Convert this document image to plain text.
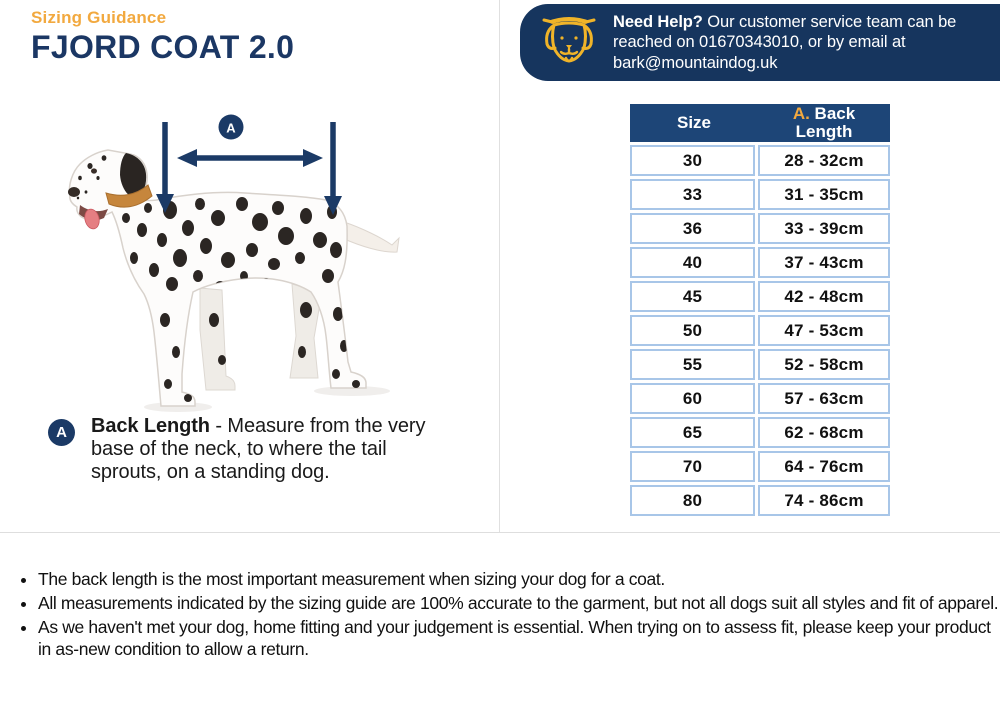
Sizing Guidance
FJORD COAT 2.0
Need Help? Our customer service team can be reached on 01670343010, or by email at bark@mountaindog.uk
A
A	Back Length - Measure from the very base of the neck, to where the tail sprouts, on a standing dog.
Size	A. Back Length
30	28 - 32cm
33	31 - 35cm
36	33 - 39cm
40	37 - 43cm
45	42 - 48cm
50	47 - 53cm
55	52 - 58cm
60	57 - 63cm
65	62 - 68cm
70	64 - 76cm
80	74 - 86cm
• The back length is the most important measurement when sizing your dog for a coat.
• All measurements indicated by the sizing guide are 100% accurate to the garment, but not all dogs suit all styles and fit of apparel.
• As we haven't met your dog, home fitting and your judgement is essential. When trying on to assess fit, please keep your product in as-new condition to allow a return.
